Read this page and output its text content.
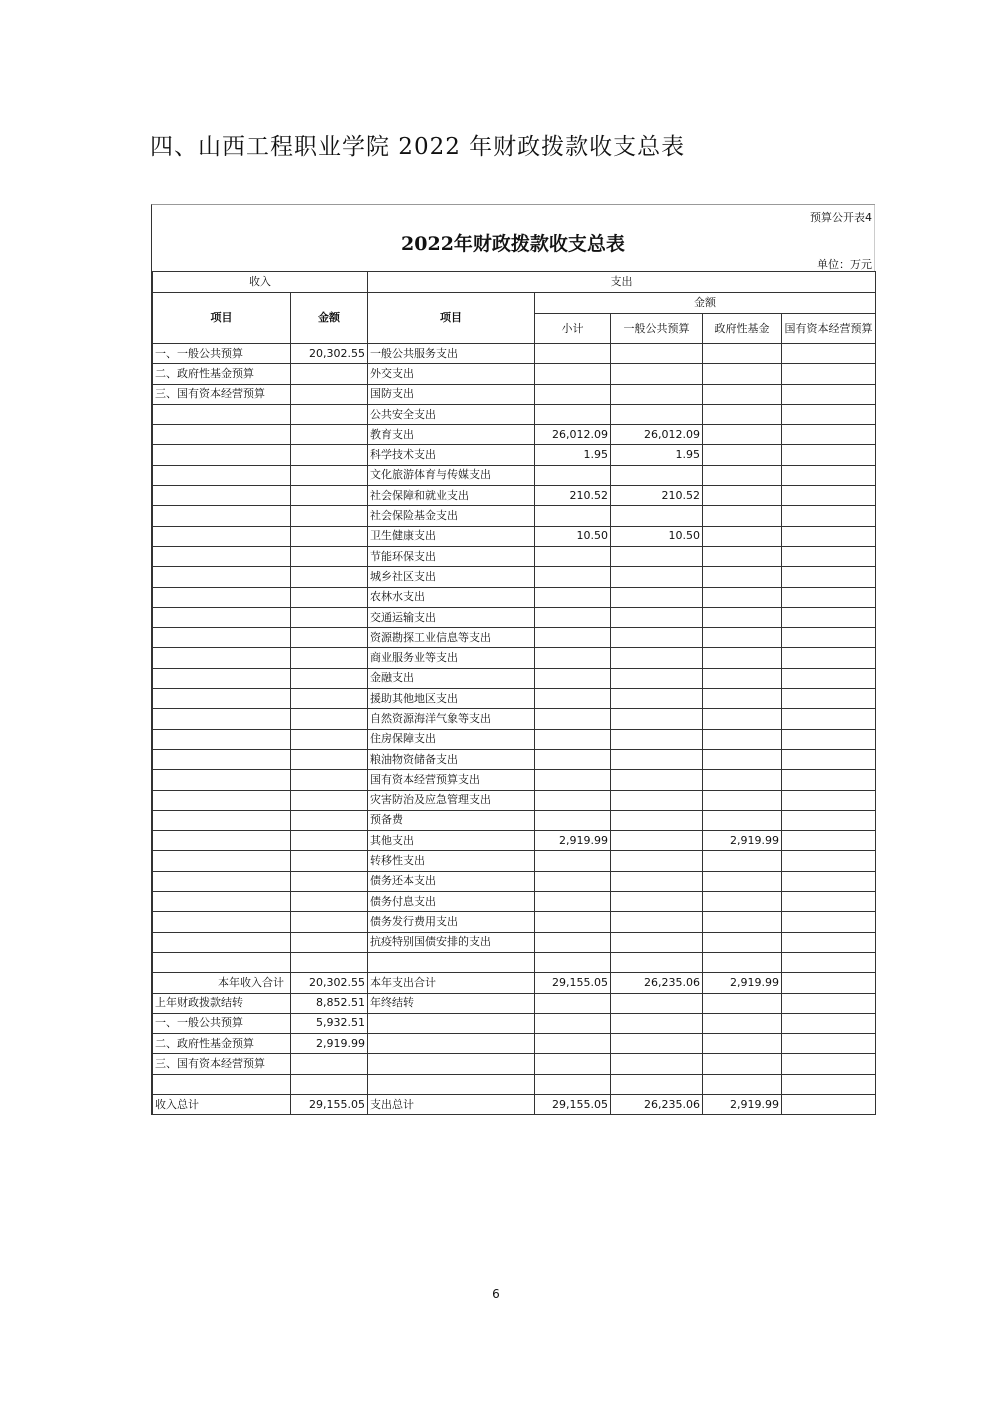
四、山西工程职业学院 2022 年财政拨款收支总表
预算公开表4
2022年财政拨款收支总表
单位：万元
收入		支出				
项目	金额	项目	金额			
			小计	一般公共预算	政府性基金	国有资本经营预算
一、一般公共预算	20,302.55	一般公共服务支出				
二、政府性基金预算		外交支出				
三、国有资本经营预算		国防支出				
		公共安全支出				
		教育支出	26,012.09	26,012.09		
		科学技术支出	1.95	1.95		
		文化旅游体育与传媒支出				
		社会保障和就业支出	210.52	210.52		
		社会保险基金支出				
		卫生健康支出	10.50	10.50		
		节能环保支出				
		城乡社区支出				
		农林水支出				
		交通运输支出				
		资源勘探工业信息等支出				
		商业服务业等支出				
		金融支出				
		援助其他地区支出				
		自然资源海洋气象等支出				
		住房保障支出				
		粮油物资储备支出				
		国有资本经营预算支出				
		灾害防治及应急管理支出				
		预备费				
		其他支出	2,919.99		2,919.99	
		转移性支出				
		债务还本支出				
		债务付息支出				
		债务发行费用支出				
		抗疫特别国债安排的支出				

本年收入合计	20,302.55	本年支出合计	29,155.05	26,235.06	2,919.99	
上年财政拨款结转	8,852.51	年终结转				
一、一般公共预算	5,932.51					
二、政府性基金预算	2,919.99					
三、国有资本经营预算						

收入总计	29,155.05	支出总计	29,155.05	26,235.06	2,919.99	
6
